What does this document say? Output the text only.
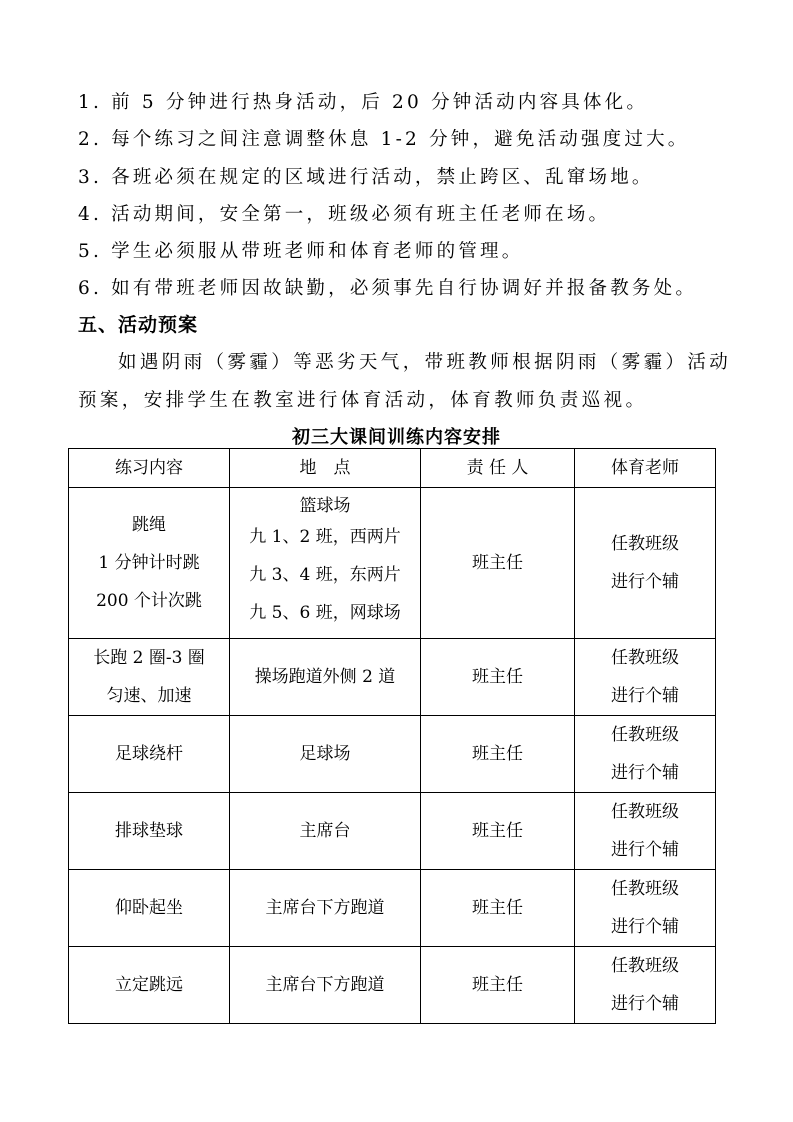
1. 前 5 分钟进行热身活动，后 20 分钟活动内容具体化。
2. 每个练习之间注意调整休息 1-2 分钟，避免活动强度过大。
3. 各班必须在规定的区域进行活动，禁止跨区、乱窜场地。
4. 活动期间，安全第一，班级必须有班主任老师在场。
5. 学生必须服从带班老师和体育老师的管理。
6. 如有带班老师因故缺勤，必须事先自行协调好并报备教务处。
五、活动预案
如遇阴雨（雾霾）等恶劣天气，带班教师根据阴雨（雾霾）活动
预案，安排学生在教室进行体育活动，体育教师负责巡视。
初三大课间训练内容安排
练习内容	地　点	责 任 人	体育老师

跳绳
1 分钟计时跳
200 个计次跳	篮球场
九 1、2 班，西两片
九 3、4 班，东两片
九 5、6 班，网球场	班主任	任教班级
进行个辅

长跑 2 圈-3 圈
匀速、加速	操场跑道外侧 2 道	班主任	任教班级
进行个辅

足球绕杆	足球场	班主任	任教班级
进行个辅

排球垫球	主席台	班主任	任教班级
进行个辅

仰卧起坐	主席台下方跑道	班主任	任教班级
进行个辅

立定跳远	主席台下方跑道	班主任	任教班级
进行个辅
